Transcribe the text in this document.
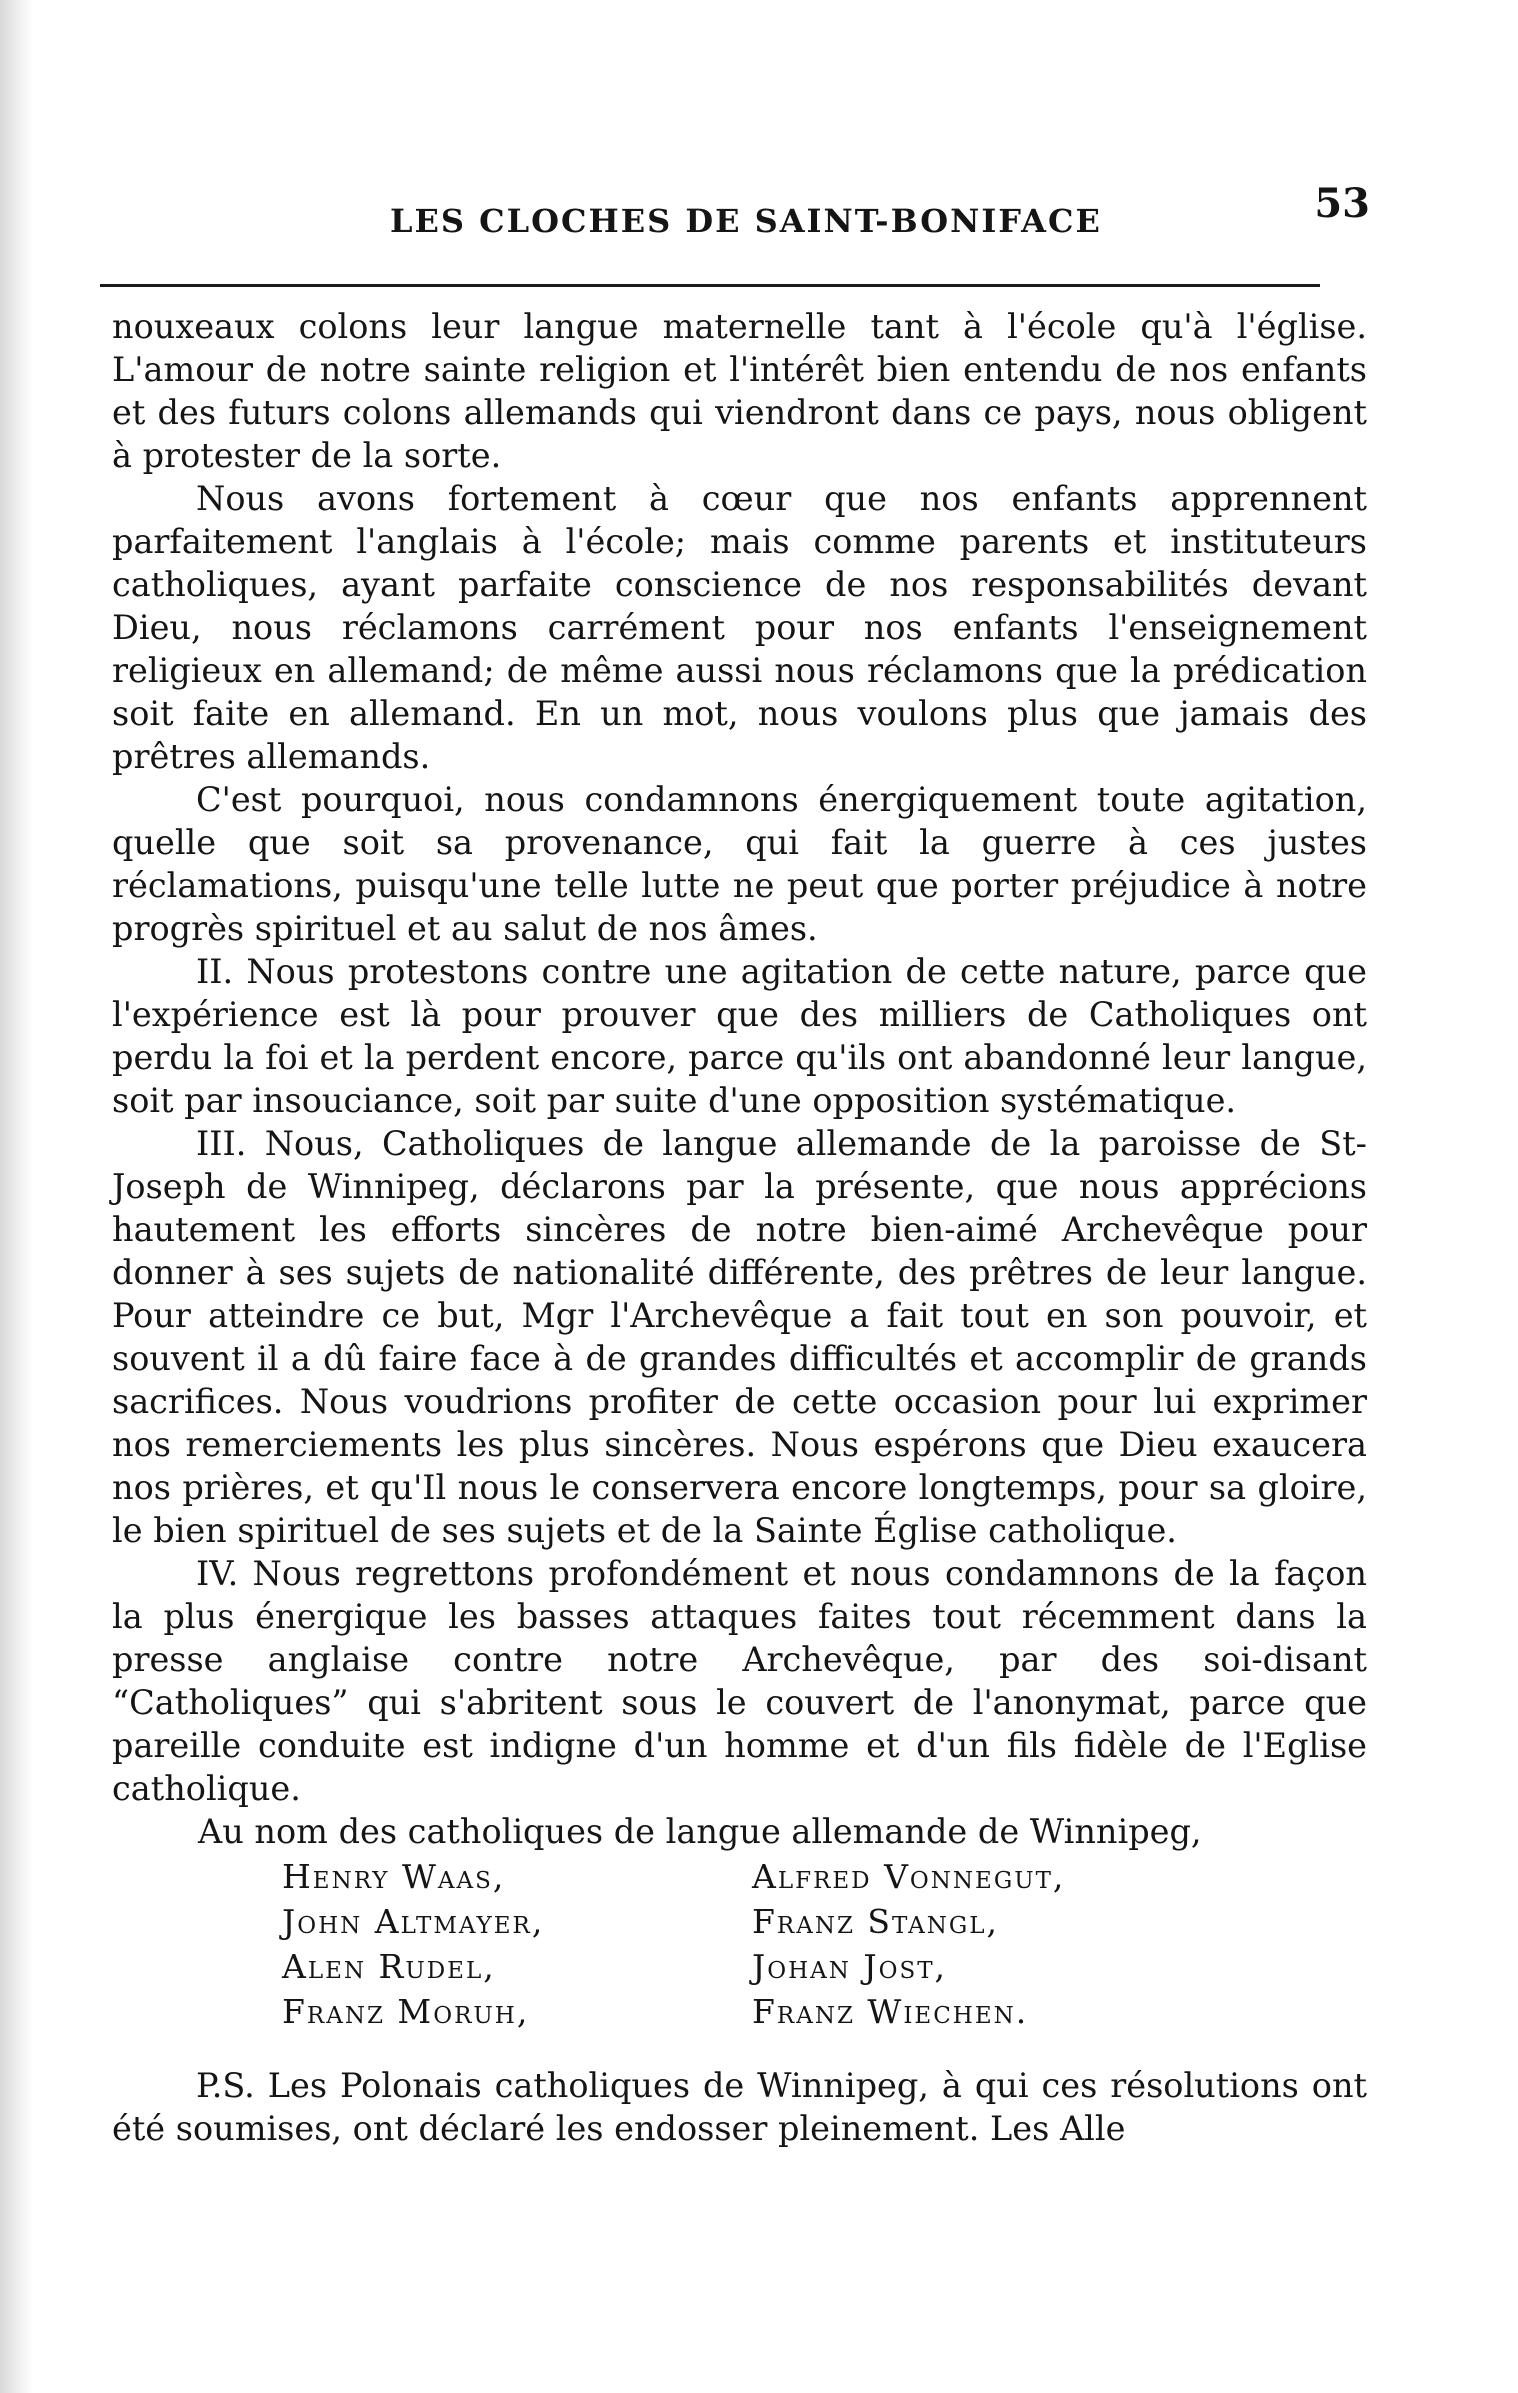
LES CLOCHES DE SAINT-BONIFACE	53

nouxeaux colons leur langue maternelle tant à l'école qu'à l'église. L'amour de notre sainte religion et l'intérêt bien entendu de nos enfants et des futurs colons allemands qui viendront dans ce pays, nous obligent à protester de la sorte.

Nous avons fortement à cœur que nos enfants apprennent parfaitement l'anglais à l'école; mais comme parents et instituteurs catholiques, ayant parfaite conscience de nos responsabilités devant Dieu, nous réclamons carrément pour nos enfants l'enseignement religieux en allemand; de même aussi nous réclamons que la prédication soit faite en allemand. En un mot, nous voulons plus que jamais des prêtres allemands.

C'est pourquoi, nous condamnons énergiquement toute agitation, quelle que soit sa provenance, qui fait la guerre à ces justes réclamations, puisqu'une telle lutte ne peut que porter préjudice à notre progrès spirituel et au salut de nos âmes.

II. Nous protestons contre une agitation de cette nature, parce que l'expérience est là pour prouver que des milliers de Catholiques ont perdu la foi et la perdent encore, parce qu'ils ont abandonné leur langue, soit par insouciance, soit par suite d'une opposition systématique.

III. Nous, Catholiques de langue allemande de la paroisse de St-Joseph de Winnipeg, déclarons par la présente, que nous apprécions hautement les efforts sincères de notre bien-aimé Archevêque pour donner à ses sujets de nationalité différente, des prêtres de leur langue. Pour atteindre ce but, Mgr l'Archevêque a fait tout en son pouvoir, et souvent il a dû faire face à de grandes difficultés et accomplir de grands sacrifices. Nous voudrions profiter de cette occasion pour lui exprimer nos remerciements les plus sincères. Nous espérons que Dieu exaucera nos prières, et qu'Il nous le conservera encore longtemps, pour sa gloire, le bien spirituel de ses sujets et de la Sainte Église catholique.

IV. Nous regrettons profondément et nous condamnons de la façon la plus énergique les basses attaques faites tout récemment dans la presse anglaise contre notre Archevêque, par des soi-disant “Catholiques” qui s'abritent sous le couvert de l'anonymat, parce que pareille conduite est indigne d'un homme et d'un fils fidèle de l'Eglise catholique.

Au nom des catholiques de langue allemande de Winnipeg,

Henry Waas,	Alfred Vonnegut,
John Altmayer,	Franz Stangl,
Alen Rudel,	Johan Jost,
Franz Moruh,	Franz Wiechen.

P.S. Les Polonais catholiques de Winnipeg, à qui ces résolutions ont été soumises, ont déclaré les endosser pleinement. Les Alle
